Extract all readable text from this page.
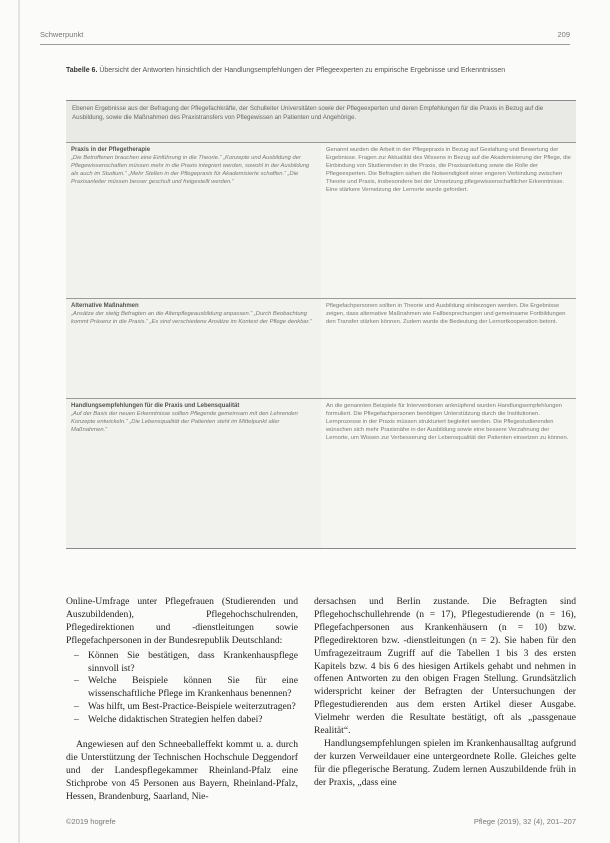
Schwerpunkt	209
Tabelle 6. Übersicht der Antworten hinsichtlich der Handlungsempfehlungen der Pflegeexperten zu empirische Ergebnisse und Erkenntnissen
Ebenen Ergebnisse aus der Befragung der Pflegefachkräfte, der Schulleiter Universitäten sowie der Pflegeexperten und deren Empfehlungen für die Praxis in Bezug auf die Ausbildung, sowie die Maßnahmen des Praxistransfers von Pflegewissen an Patienten und Angehörige.
Praxis in der Pflegetherapie
„Die Betroffenen brauchen eine Einführung in die Theorie.“ „Konzepte und Ausbildung der Pflegewissenschaften müssen mehr in die Praxis integriert werden, sowohl in der Ausbildung als auch im Studium.“ „Mehr Stellen in der Pflegepraxis für Akademisierte schaffen.“ „Die Praxisanleiter müssen besser geschult und freigestellt werden.“
Genannt wurden die Arbeit in der Pflegepraxis in Bezug auf Gestaltung und Bewertung der Ergebnisse. Fragen zur Aktualität des Wissens in Bezug auf die Akademisierung der Pflege, die Einbindung von Studierenden in die Praxis, die Praxisanleitung sowie die Rolle der Pflegeexperten. Die Befragten sahen die Notwendigkeit einer engeren Verbindung zwischen Theorie und Praxis, insbesondere bei der Umsetzung pflegewissenschaftlicher Erkenntnisse. Eine stärkere Vernetzung der Lernorte wurde gefordert.
Alternative Maßnahmen
„Ansätze der stetig Befragten an die Altenpflegeausbildung anpassen.“ „Durch Beobachtung kommt Präsenz in die Praxis.“ „Es sind verschiedene Ansätze im Kontext der Pflege denkbar.“
Pflegefachpersonen sollten in Theorie und Ausbildung einbezogen werden. Die Ergebnisse zeigen, dass alternative Maßnahmen wie Fallbesprechungen und gemeinsame Fortbildungen den Transfer stärken können. Zudem wurde die Bedeutung der Lernortkooperation betont.
Handlungsempfehlungen für die Praxis und Lebensqualität
„Auf der Basis der neuen Erkenntnisse sollten Pflegende gemeinsam mit den Lehrenden Konzepte entwickeln.“ „Die Lebensqualität der Patienten steht im Mittelpunkt aller Maßnahmen.“
An die genannten Beispiele für Interventionen anknüpfend wurden Handlungsempfehlungen formuliert. Die Pflegefachpersonen benötigen Unterstützung durch die Institutionen. Lernprozesse in der Praxis müssen strukturiert begleitet werden. Die Pflegestudierenden wünschen sich mehr Praxisnähe in der Ausbildung sowie eine bessere Verzahnung der Lernorte, um Wissen zur Verbesserung der Lebensqualität der Patienten einsetzen zu können.

Online-Umfrage unter Pflegefrauen (Studierenden und Auszubildenden), Pflegehochschulrenden, Pflegedirektionen und -dienstleitungen sowie Pflegefachpersonen in der Bundesrepublik Deutschland:

– Können Sie bestätigen, dass Krankenhauspflege sinnvoll ist?
– Welche Beispiele können Sie für eine wissenschaftliche Pflege im Krankenhaus benennen?
– Was hilft, um Best-Practice-Beispiele weiterzutragen?
– Welche didaktischen Strategien helfen dabei?

Angewiesen auf den Schneeballeffekt kommt u. a. durch die Unterstützung der Technischen Hochschule Deggendorf und der Landespflegekammer Rheinland-Pfalz eine Stichprobe von 45 Personen aus Bayern, Rheinland-Pfalz, Hessen, Brandenburg, Saarland, Nie-

dersachsen und Berlin zustande. Die Befragten sind Pflegehochschullehrende (n = 17), Pflegestudierende (n = 16), Pflegefachpersonen aus Krankenhäusern (n = 10) bzw. Pflegedirektoren bzw. -dienstleitungen (n = 2). Sie haben für den Umfragezeitraum Zugriff auf die Tabellen 1 bis 3 des ersten Kapitels bzw. 4 bis 6 des hiesigen Artikels gehabt und nehmen in offenen Antworten zu den obigen Fragen Stellung. Grundsätzlich widerspricht keiner der Befragten der Untersuchungen der Pflegestudierenden aus dem ersten Artikel dieser Ausgabe. Vielmehr werden die Resultate bestätigt, oft als „passgenaue Realität“.

Handlungsempfehlungen spielen im Krankenhausalltag aufgrund der kurzen Verweildauer eine untergeordnete Rolle. Gleiches gelte für die pflegerische Beratung. Zudem lernen Auszubildende früh in der Praxis, „dass eine

©2019 hogrefe	Pflege (2019), 32 (4), 201–207
